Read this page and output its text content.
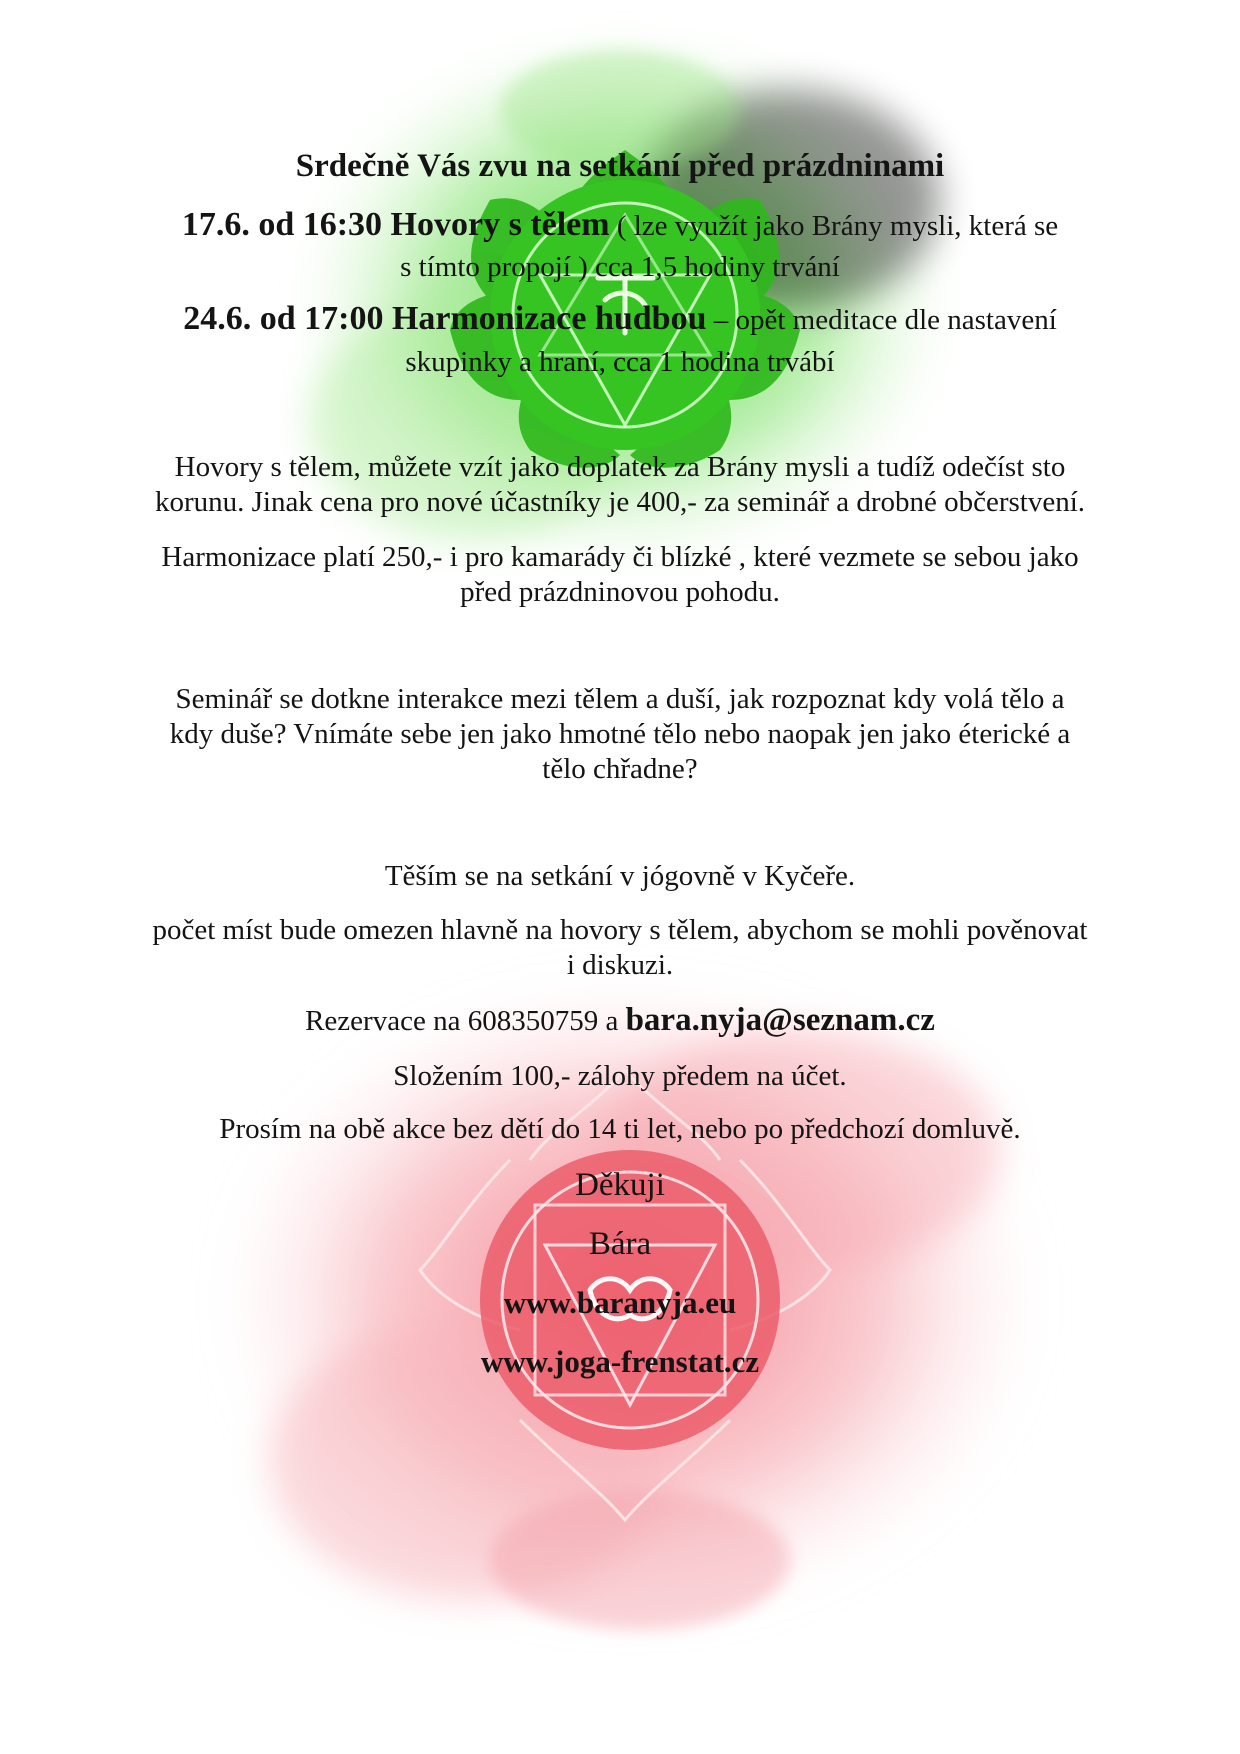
Srdečně Vás zvu na setkání před prázdninami
17.6. od 16:30 Hovory s tělem ( lze využít jako Brány mysli, která se
s tímto propojí ) cca 1,5 hodiny trvání
24.6. od 17:00 Harmonizace hudbou – opět meditace dle nastavení
skupinky a hraní, cca 1 hodina trvábí
Hovory s tělem, můžete vzít jako doplatek za Brány mysli a tudíž odečíst sto
korunu. Jinak cena pro nové účastníky je 400,- za seminář a drobné občerstvení.
Harmonizace platí 250,- i pro kamarády či blízké , které vezmete se sebou jako
před prázdninovou pohodu.
Seminář se dotkne interakce mezi tělem a duší, jak rozpoznat kdy volá tělo a
kdy duše? Vnímáte sebe jen jako hmotné tělo nebo naopak jen jako éterické a
tělo chřadne?
Těším se na setkání v jógovně v Kyčeře.
počet míst bude omezen hlavně na hovory s tělem, abychom se mohli pověnovat
i diskuzi.
Rezervace na 608350759 a bara.nyja@seznam.cz
Složením 100,- zálohy předem na účet.
Prosím na obě akce bez dětí do 14 ti let, nebo po předchozí domluvě.
Děkuji
Bára
www.baranyja.eu
www.joga-frenstat.cz
